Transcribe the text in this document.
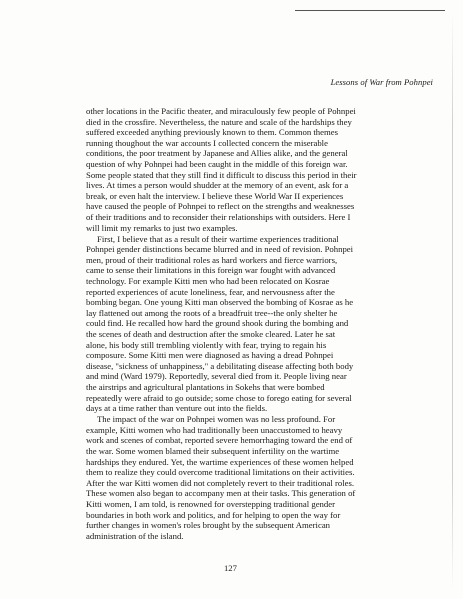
Lessons of War from Pohnpei
other locations in the Pacific theater, and miraculously few people of Pohnpei
died in the crossfire. Nevertheless, the nature and scale of the hardships they
suffered exceeded anything previously known to them. Common themes
running thoughout the war accounts I collected concern the miserable
conditions, the poor treatment by Japanese and Allies alike, and the general
question of why Pohnpei had been caught in the middle of this foreign war.
Some people stated that they still find it difficult to discuss this period in their
lives. At times a person would shudder at the memory of an event, ask for a
break, or even halt the interview. I believe these World War II experiences
have caused the people of Pohnpei to reflect on the strengths and weaknesses
of their traditions and to reconsider their relationships with outsiders. Here I
will limit my remarks to just two examples.
First, I believe that as a result of their wartime experiences traditional
Pohnpei gender distinctions became blurred and in need of revision. Pohnpei
men, proud of their traditional roles as hard workers and fierce warriors,
came to sense their limitations in this foreign war fought with advanced
technology. For example Kitti men who had been relocated on Kosrae
reported experiences of acute loneliness, fear, and nervousness after the
bombing began. One young Kitti man observed the bombing of Kosrae as he
lay flattened out among the roots of a breadfruit tree--the only shelter he
could find. He recalled how hard the ground shook during the bombing and
the scenes of death and destruction after the smoke cleared. Later he sat
alone, his body still trembling violently with fear, trying to regain his
composure. Some Kitti men were diagnosed as having a dread Pohnpei
disease, "sickness of unhappiness," a debilitating disease affecting both body
and mind (Ward 1979). Reportedly, several died from it. People living near
the airstrips and agricultural plantations in Sokehs that were bombed
repeatedly were afraid to go outside; some chose to forego eating for several
days at a time rather than venture out into the fields.
The impact of the war on Pohnpei women was no less profound. For
example, Kitti women who had traditionally been unaccustomed to heavy
work and scenes of combat, reported severe hemorrhaging toward the end of
the war. Some women blamed their subsequent infertility on the wartime
hardships they endured. Yet, the wartime experiences of these women helped
them to realize they could overcome traditional limitations on their activities.
After the war Kitti women did not completely revert to their traditional roles.
These women also began to accompany men at their tasks. This generation of
Kitti women, I am told, is renowned for overstepping traditional gender
boundaries in both work and politics, and for helping to open the way for
further changes in women's roles brought by the subsequent American
administration of the island.
127
